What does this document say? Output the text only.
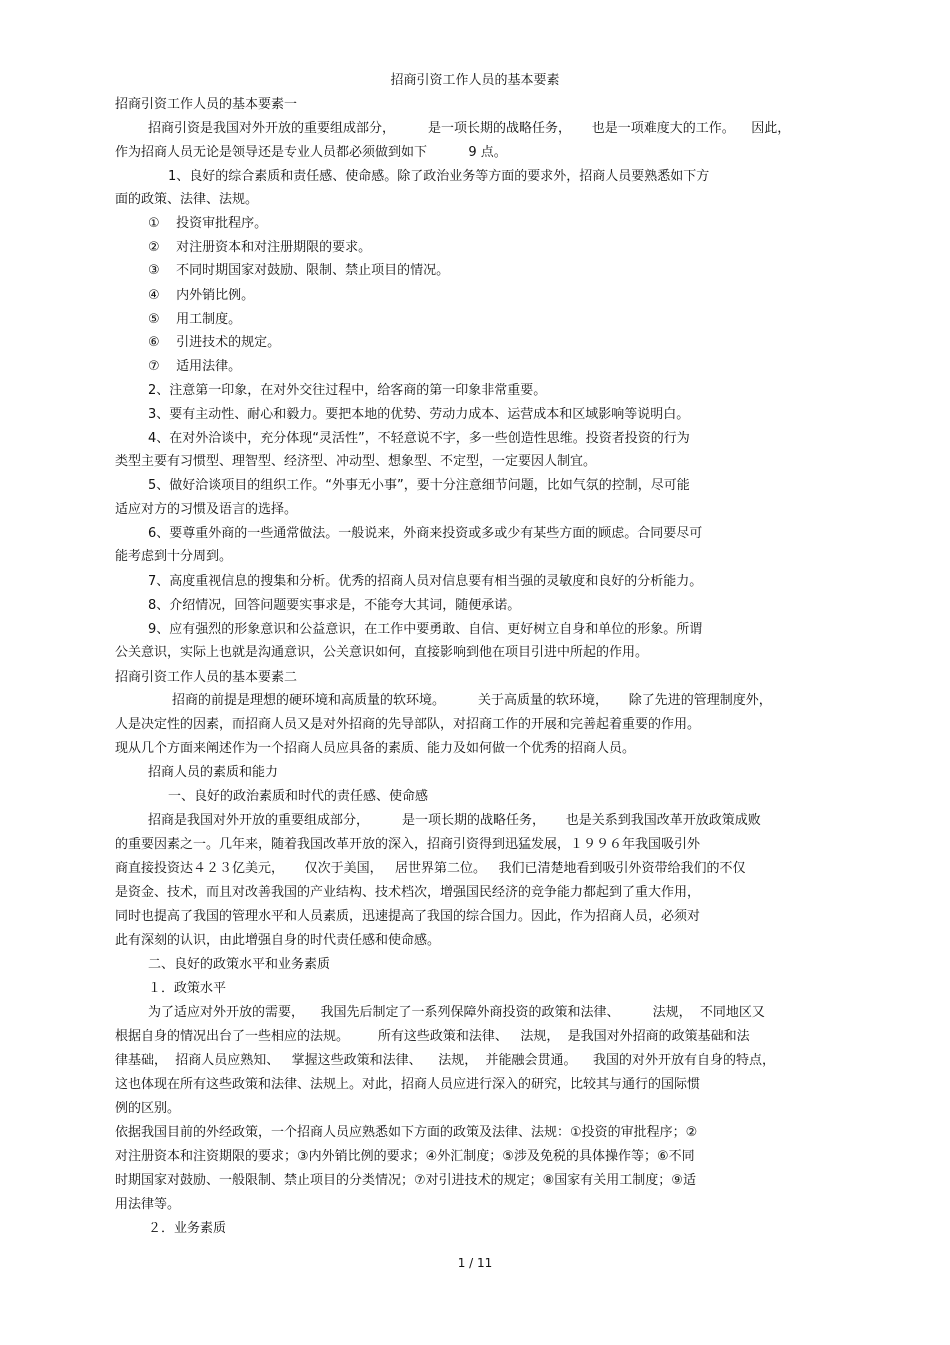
招商引资工作人员的基本要素
招商引资工作人员的基本要素一
招商引资是我国对外开放的重要组成部分，        是一项长期的战略任务，     也是一项难度大的工作。    因此，
作为招商人员无论是领导还是专业人员都必须做到如下          9 点。
1、良好的综合素质和责任感、使命感。除了政治业务等方面的要求外，招商人员要熟悉如下方
面的政策、法律、法规。
①    投资审批程序。
②    对注册资本和对注册期限的要求。
③    不同时期国家对鼓励、限制、禁止项目的情况。
④    内外销比例。
⑤    用工制度。
⑥    引进技术的规定。
⑦    适用法律。
2、注意第一印象，在对外交往过程中，给客商的第一印象非常重要。
3、要有主动性、耐心和毅力。要把本地的优势、劳动力成本、运营成本和区域影响等说明白。
4、在对外洽谈中，充分体现“灵活性”，不轻意说不字，多一些创造性思维。投资者投资的行为
类型主要有习惯型、理智型、经济型、冲动型、想象型、不定型，一定要因人制宜。
5、做好洽谈项目的组织工作。“外事无小事”，要十分注意细节问题，比如气氛的控制，尽可能
适应对方的习惯及语言的选择。
6、要尊重外商的一些通常做法。一般说来，外商来投资或多或少有某些方面的顾虑。合同要尽可
能考虑到十分周到。
7、高度重视信息的搜集和分析。优秀的招商人员对信息要有相当强的灵敏度和良好的分析能力。
8、介绍情况，回答问题要实事求是，不能夸大其词，随便承诺。
9、应有强烈的形象意识和公益意识，在工作中要勇敢、自信、更好树立自身和单位的形象。所谓
公关意识，实际上也就是沟通意识，公关意识如何，直接影响到他在项目引进中所起的作用。
招商引资工作人员的基本要素二
招商的前提是理想的硬环境和高质量的软环境。        关于高质量的软环境，     除了先进的管理制度外，
人是决定性的因素，而招商人员又是对外招商的先导部队，对招商工作的开展和完善起着重要的作用。
现从几个方面来阐述作为一个招商人员应具备的素质、能力及如何做一个优秀的招商人员。
招商人员的素质和能力
一、良好的政治素质和时代的责任感、使命感
招商是我国对外开放的重要组成部分，        是一项长期的战略任务，     也是关系到我国改革开放政策成败
的重要因素之一。几年来，随着我国改革开放的深入，招商引资得到迅猛发展，１９９６年我国吸引外
商直接投资达４２３亿美元，     仅次于美国，   居世界第二位。   我们已清楚地看到吸引外资带给我们的不仅
是资金、技术，而且对改善我国的产业结构、技术档次，增强国民经济的竞争能力都起到了重大作用，
同时也提高了我国的管理水平和人员素质，迅速提高了我国的综合国力。因此，作为招商人员，必须对
此有深刻的认识，由此增强自身的时代责任感和使命感。
二、良好的政策水平和业务素质
１．政策水平
为了适应对外开放的需要，    我国先后制定了一系列保障外商投资的政策和法律、        法规，  不同地区又
根据自身的情况出台了一些相应的法规。       所有这些政策和法律、   法规，  是我国对外招商的政策基础和法
律基础，  招商人员应熟知、   掌握这些政策和法律、    法规，  并能融会贯通。    我国的对外开放有自身的特点，
这也体现在所有这些政策和法律、法规上。对此，招商人员应进行深入的研究，比较其与通行的国际惯
例的区别。
依据我国目前的外经政策，一个招商人员应熟悉如下方面的政策及法律、法规：①投资的审批程序；②
对注册资本和注资期限的要求；③内外销比例的要求；④外汇制度；⑤涉及免税的具体操作等；⑥不同
时期国家对鼓励、一般限制、禁止项目的分类情况；⑦对引进技术的规定；⑧国家有关用工制度；⑨适
用法律等。
２．业务素质
1 / 11
